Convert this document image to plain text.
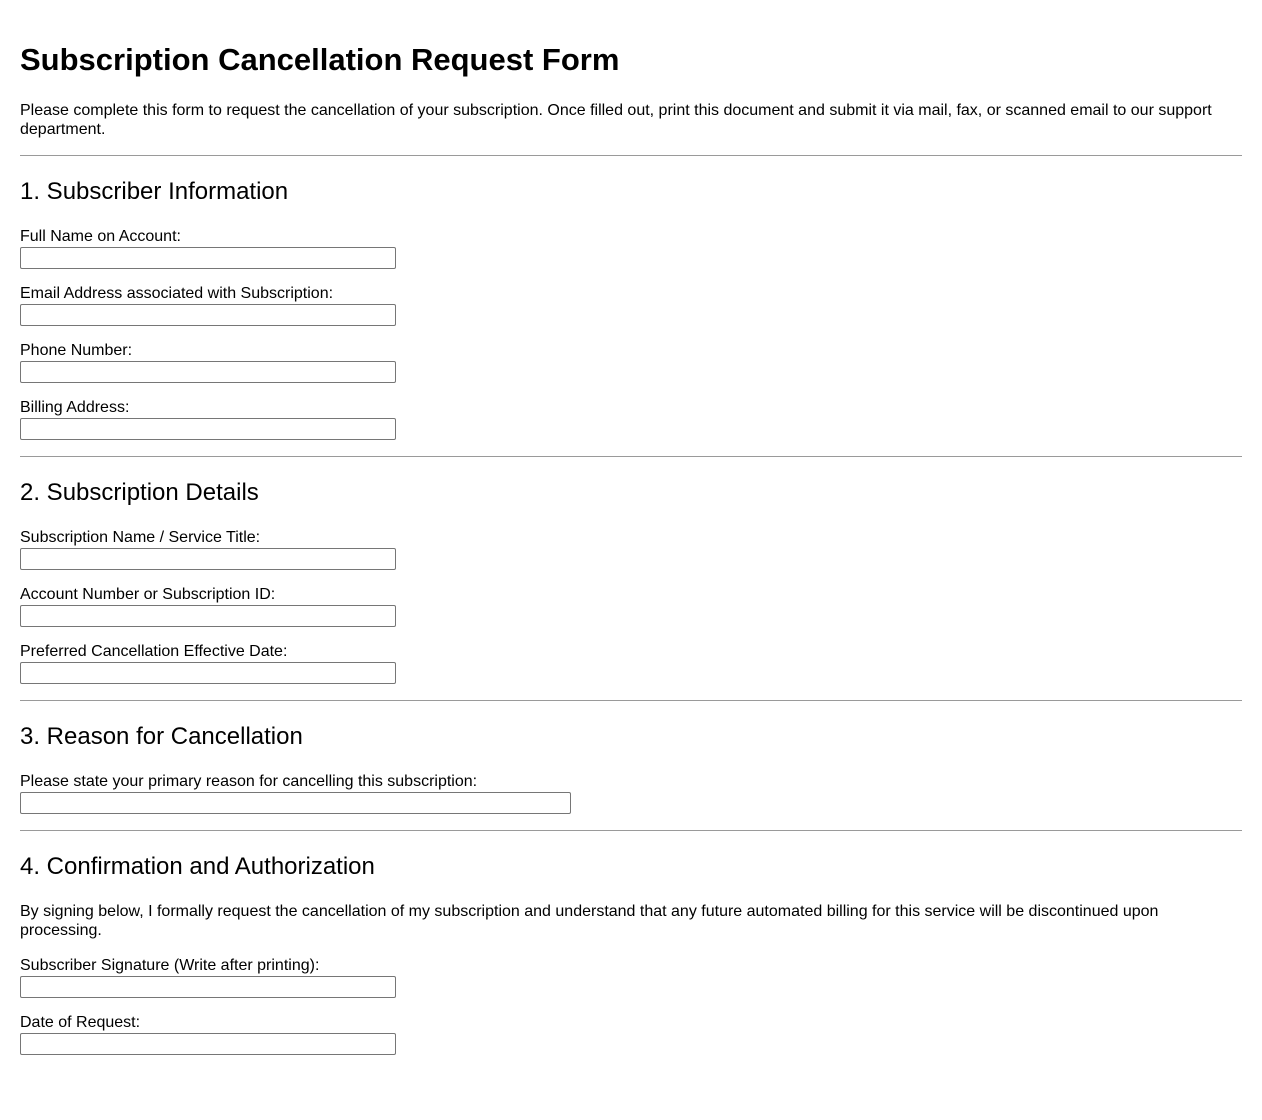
Subscription Cancellation Request Form

Please complete this form to request the cancellation of your subscription. Once filled out, print this document and submit it via mail, fax, or scanned email to our support department.

1. Subscriber Information
Full Name on Account:
Email Address associated with Subscription:
Phone Number:
Billing Address:
2. Subscription Details
Subscription Name / Service Title:
Account Number or Subscription ID:
Preferred Cancellation Effective Date:
3. Reason for Cancellation
Please state your primary reason for cancelling this subscription:
4. Confirmation and Authorization

By signing below, I formally request the cancellation of my subscription and understand that any future automated billing for this service will be discontinued upon processing.

Subscriber Signature (Write after printing):
Date of Request:
